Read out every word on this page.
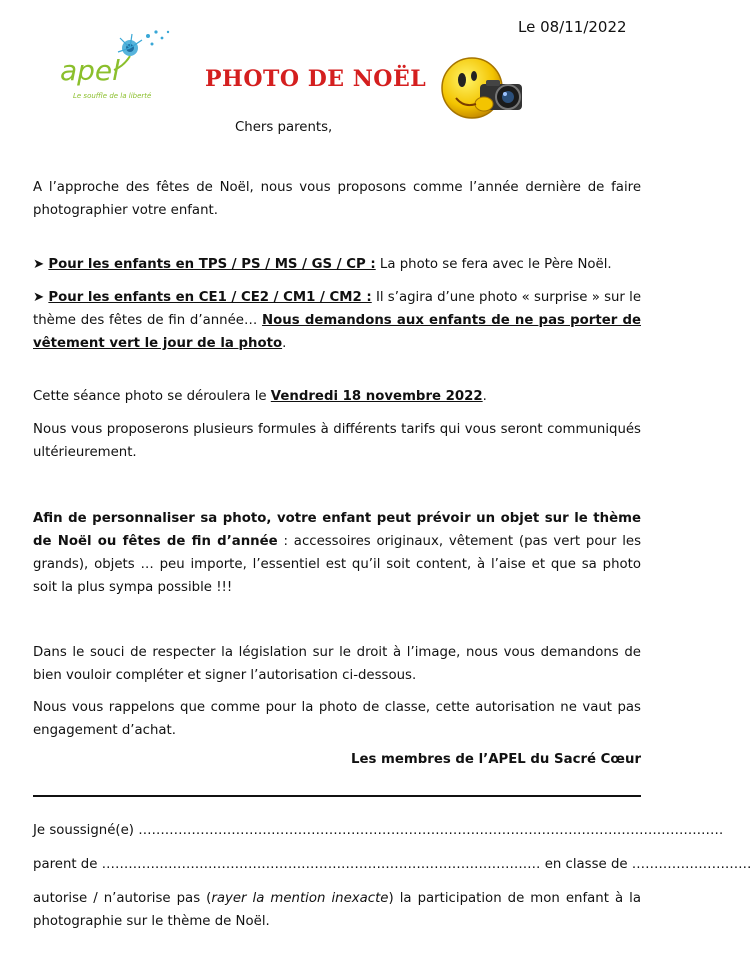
Le 08/11/2022
apel
Le souffle de la liberté
PHOTO DE NOËL
Chers parents,
A l’approche des fêtes de Noël, nous vous proposons comme l’année dernière de faire photographier votre enfant.
➤ Pour les enfants en TPS / PS / MS / GS / CP : La photo se fera avec le Père Noël.
➤ Pour les enfants en CE1 / CE2 / CM1 / CM2 : Il s’agira d’une photo « surprise » sur le thème des fêtes de fin d’année… Nous demandons aux enfants de ne pas porter de vêtement vert le jour de la photo.
Cette séance photo se déroulera le Vendredi 18 novembre 2022.
Nous vous proposerons plusieurs formules à différents tarifs qui vous seront communiqués ultérieurement.
Afin de personnaliser sa photo, votre enfant peut prévoir un objet sur le thème de Noël ou fêtes de fin d’année : accessoires originaux, vêtement (pas vert pour les grands), objets … peu importe, l’essentiel est qu’il soit content, à l’aise et que sa photo soit la plus sympa possible !!!
Dans le souci de respecter la législation sur le droit à l’image, nous vous demandons de bien vouloir compléter et signer l’autorisation ci-dessous.
Nous vous rappelons que comme pour la photo de classe, cette autorisation ne vaut pas engagement d’achat.
Les membres de l’APEL du Sacré Cœur
Je soussigné(e) ……………………………………………………………………………………………………………………
parent de ……………………………………………………………………………………… en classe de ………………………
autorise / n’autorise pas (rayer la mention inexacte) la participation de mon enfant à la photographie sur le thème de Noël.
